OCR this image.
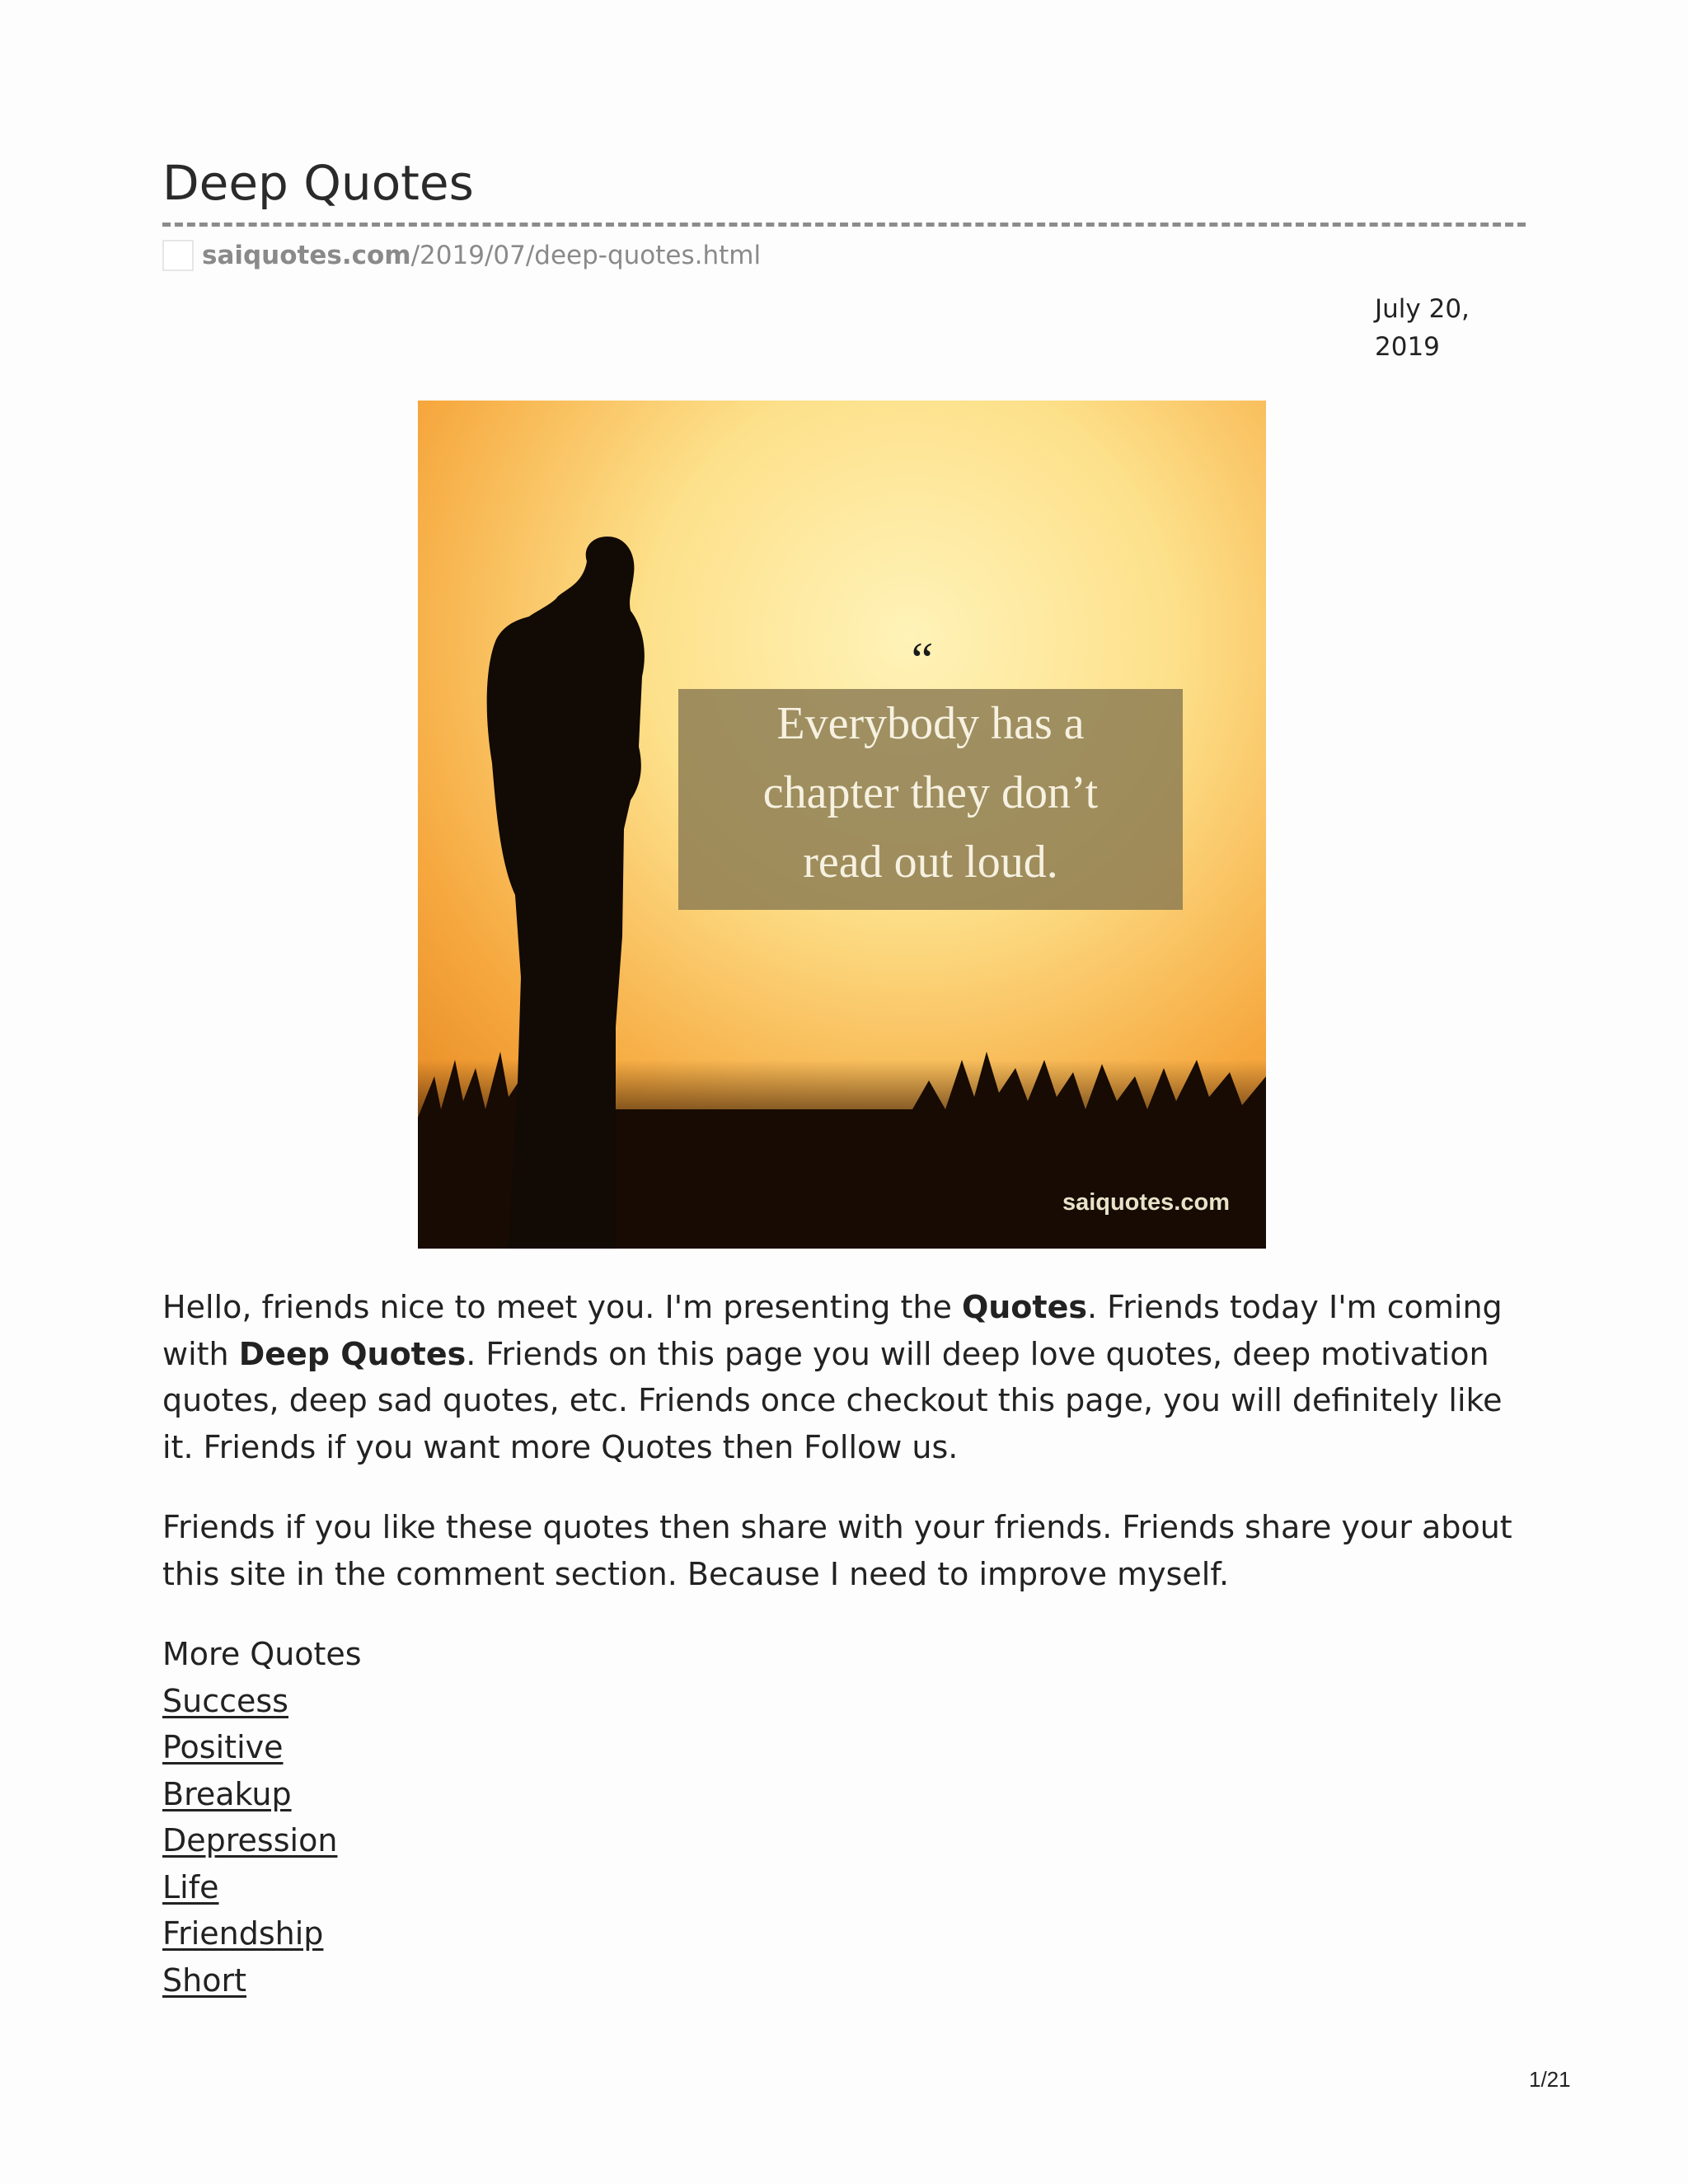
Deep Quotes
saiquotes.com /2019/07/deep-quotes.html
July 20,
2019
“
Everybody has a
chapter they don’t
read out loud.
saiquotes.com

Hello, friends nice to meet you. I'm presenting the Quotes. Friends today I'm coming with Deep Quotes. Friends on this page you will deep love quotes, deep motivation quotes, deep sad quotes, etc. Friends once checkout this page, you will definitely like it. Friends if you want more Quotes then Follow us.

Friends if you like these quotes then share with your friends. Friends share your about this site in the comment section. Because I need to improve myself.

More Quotes
Success
Positive
Breakup
Depression
Life
Friendship
Short
1/21
